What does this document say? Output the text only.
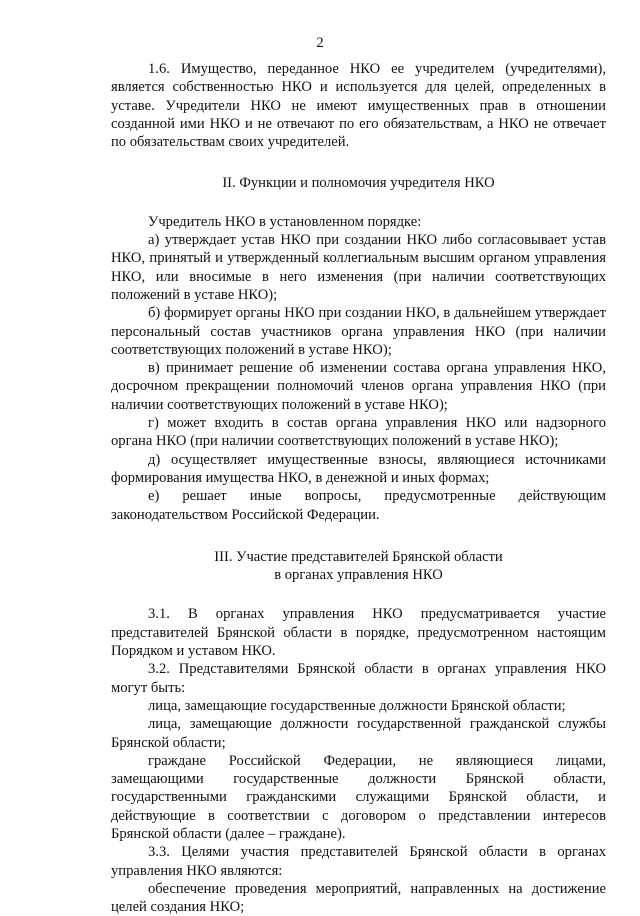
2

1.6. Имущество, переданное НКО ее учредителем (учредителями), является собственностью НКО и используется для целей, определенных в уставе. Учредители НКО не имеют имущественных прав в отношении созданной ими НКО и не отвечают по его обязательствам, а НКО не отвечает по обязательствам своих учредителей.

II. Функции и полномочия учредителя НКО

Учредитель НКО в установленном порядке:

а) утверждает устав НКО при создании НКО либо согласовывает устав НКО, принятый и утвержденный коллегиальным высшим органом управления НКО, или вносимые в него изменения (при наличии соответствующих положений в уставе НКО);

б) формирует органы НКО при создании НКО, в дальнейшем утверждает персональный состав участников органа управления НКО (при наличии соответствующих положений в уставе НКО);

в) принимает решение об изменении состава органа управления НКО, досрочном прекращении полномочий членов органа управления НКО (при наличии соответствующих положений в уставе НКО);

г) может входить в состав органа управления НКО или надзорного органа НКО (при наличии соответствующих положений в уставе НКО);

д) осуществляет имущественные взносы, являющиеся источниками формирования имущества НКО, в денежной и иных формах;

е) решает иные вопросы, предусмотренные действующим законодательством Российской Федерации.

III. Участие представителей Брянской области
в органах управления НКО

3.1. В органах управления НКО предусматривается участие представителей Брянской области в порядке, предусмотренном настоящим Порядком и уставом НКО.

3.2. Представителями Брянской области в органах управления НКО могут быть:

лица, замещающие государственные должности Брянской области;

лица, замещающие должности государственной гражданской службы Брянской области;

граждане Российской Федерации, не являющиеся лицами, замещающими государственные должности Брянской области, государственными гражданскими служащими Брянской области, и действующие в соответствии с договором о представлении интересов Брянской области (далее – граждане).

3.3. Целями участия представителей Брянской области в органах управления НКО являются:

обеспечение проведения мероприятий, направленных на достижение целей создания НКО;
